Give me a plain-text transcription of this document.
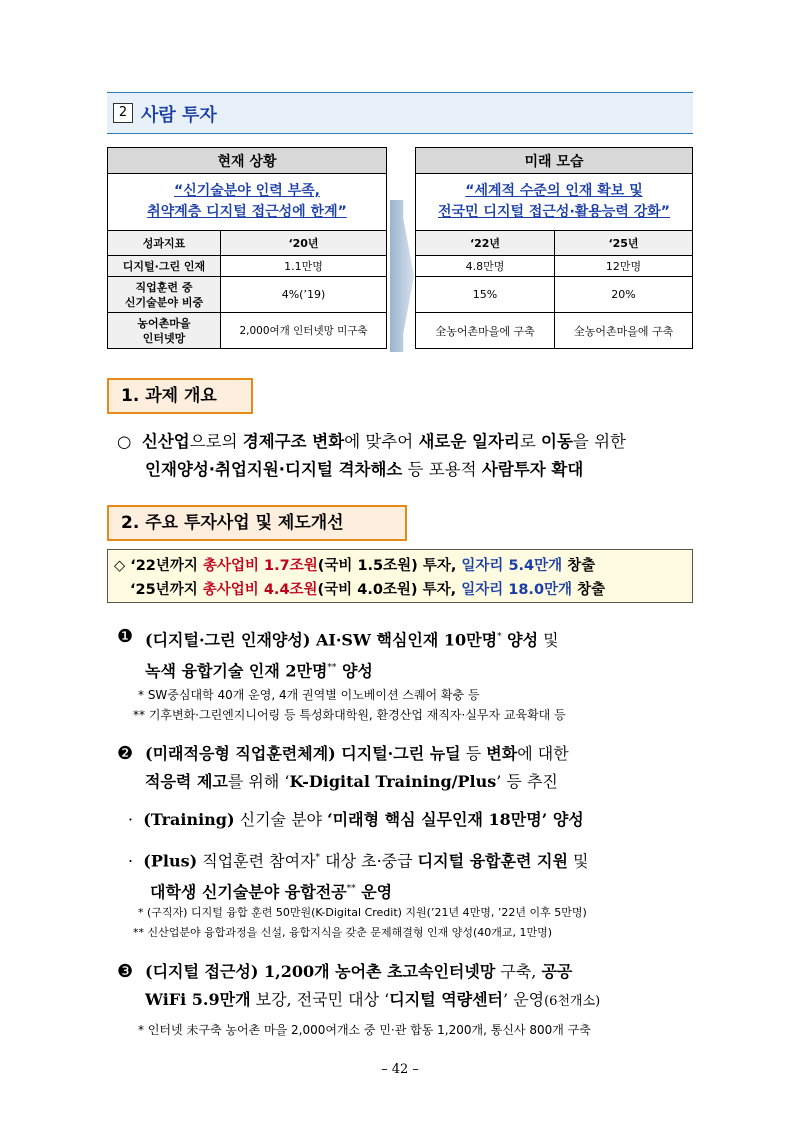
2 사람 투자
현재 상황	
“신기술분야 인력 부족,
취약계층 디지털 접근성에 한계”	
성과지표	‘20년
디지털·그린 인재	1.1만명
직업훈련 중
신기술분야 비중	4%(’19)
농어촌마을
인터넷망	2,000여개 인터넷망 미구축
미래 모습	
“세계적 수준의 인재 확보 및
전국민 디지털 접근성·활용능력 강화”	
‘22년	‘25년
4.8만명	12만명
15%	20%
全농어촌마을에 구축	全농어촌마을에 구축
1. 과제 개요
○ 신산업으로의 경제구조 변화에 맞추어 새로운 일자리로 이동을 위한
인재양성·취업지원·디지털 격차해소 등 포용적 사람투자 확대
2. 주요 투자사업 및 제도개선
◇ ‘22년까지 총사업비 1.7조원(국비 1.5조원) 투자, 일자리 5.4만개 창출
‘25년까지 총사업비 4.4조원(국비 4.0조원) 투자, 일자리 18.0만개 창출
❶ (디지털·그린 인재양성) AI·SW 핵심인재 10만명* 양성 및
녹색 융합기술 인재 2만명** 양성
* SW중심대학 40개 운영, 4개 권역별 이노베이션 스퀘어 확충 등
** 기후변화·그린엔지니어링 등 특성화대학원, 환경산업 재직자·실무자 교육확대 등
❷ (미래적응형 직업훈련체계) 디지털·그린 뉴딜 등 변화에 대한
적응력 제고를 위해 ‘K-Digital Training/Plus’ 등 추진
· (Training) 신기술 분야 ‘미래형 핵심 실무인재 18만명’ 양성
· (Plus) 직업훈련 참여자* 대상 초·중급 디지털 융합훈련 지원 및
대학생 신기술분야 융합전공** 운영
* (구직자) 디지털 융합 훈련 50만원(K-Digital Credit) 지원(’21년 4만명, ’22년 이후 5만명)
** 신산업분야 융합과정을 신설, 융합지식을 갖춘 문제해결형 인재 양성(40개교, 1만명)
❸ (디지털 접근성) 1,200개 농어촌 초고속인터넷망 구축, 공공
WiFi 5.9만개 보강, 전국민 대상 ‘디지털 역량센터’ 운영(6천개소)
* 인터넷 未구축 농어촌 마을 2,000여개소 중 민·관 합동 1,200개, 통신사 800개 구축
– 42 –
